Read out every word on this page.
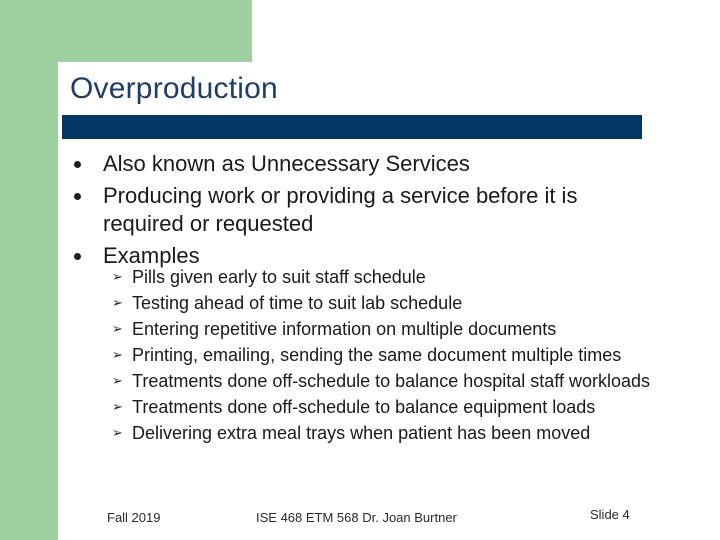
Overproduction
Also known as Unnecessary Services
Producing work or providing a service before it is required or requested
Examples
➢ Pills given early to suit staff schedule
➢ Testing ahead of time to suit lab schedule
➢ Entering repetitive information on multiple documents
➢ Printing, emailing, sending the same document multiple times
➢ Treatments done off-schedule to balance hospital staff workloads
➢ Treatments done off-schedule to balance equipment loads
➢ Delivering extra meal trays when patient has been moved
Fall 2019	ISE 468 ETM 568 Dr. Joan Burtner	Slide 4
